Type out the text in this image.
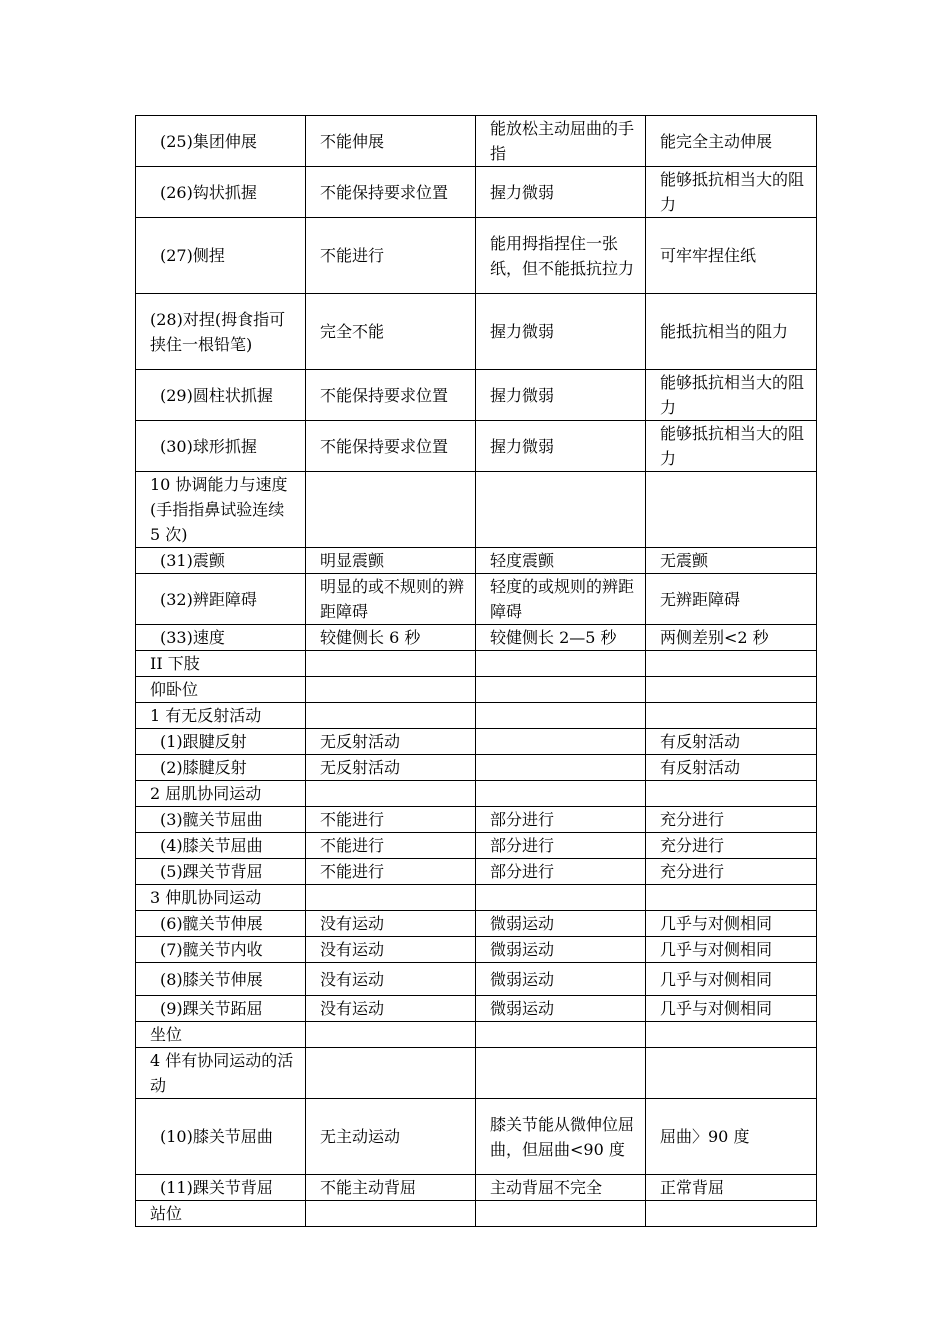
(25)集团伸展	不能伸展	能放松主动屈曲的手指	能完全主动伸展
(26)钩状抓握	不能保持要求位置	握力微弱	能够抵抗相当大的阻力
(27)侧捏	不能进行	能用拇指捏住一张纸，但不能抵抗拉力	可牢牢捏住纸
(28)对捏(拇食指可挟住一根铅笔)	完全不能	握力微弱	能抵抗相当的阻力
(29)圆柱状抓握	不能保持要求位置	握力微弱	能够抵抗相当大的阻力
(30)球形抓握	不能保持要求位置	握力微弱	能够抵抗相当大的阻力
10 协调能力与速度(手指指鼻试验连续 5 次)			
(31)震颤	明显震颤	轻度震颤	无震颤
(32)辨距障碍	明显的或不规则的辨距障碍	轻度的或规则的辨距障碍	无辨距障碍
(33)速度	较健侧长 6 秒	较健侧长 2—5 秒	两侧差别<2 秒
II 下肢			
仰卧位			
1 有无反射活动			
(1)跟腱反射	无反射活动		有反射活动
(2)膝腱反射	无反射活动		有反射活动
2 屈肌协同运动			
(3)髋关节屈曲	不能进行	部分进行	充分进行
(4)膝关节屈曲	不能进行	部分进行	充分进行
(5)踝关节背屈	不能进行	部分进行	充分进行
3 伸肌协同运动			
(6)髋关节伸展	没有运动	微弱运动	几乎与对侧相同
(7)髋关节内收	没有运动	微弱运动	几乎与对侧相同
(8)膝关节伸展	没有运动	微弱运动	几乎与对侧相同
(9)踝关节跖屈	没有运动	微弱运动	几乎与对侧相同
坐位			
4 伴有协同运动的活动			
(10)膝关节屈曲	无主动运动	膝关节能从微伸位屈曲，但屈曲<90 度	屈曲〉90 度
(11)踝关节背屈	不能主动背屈	主动背屈不完全	正常背屈
站位			
